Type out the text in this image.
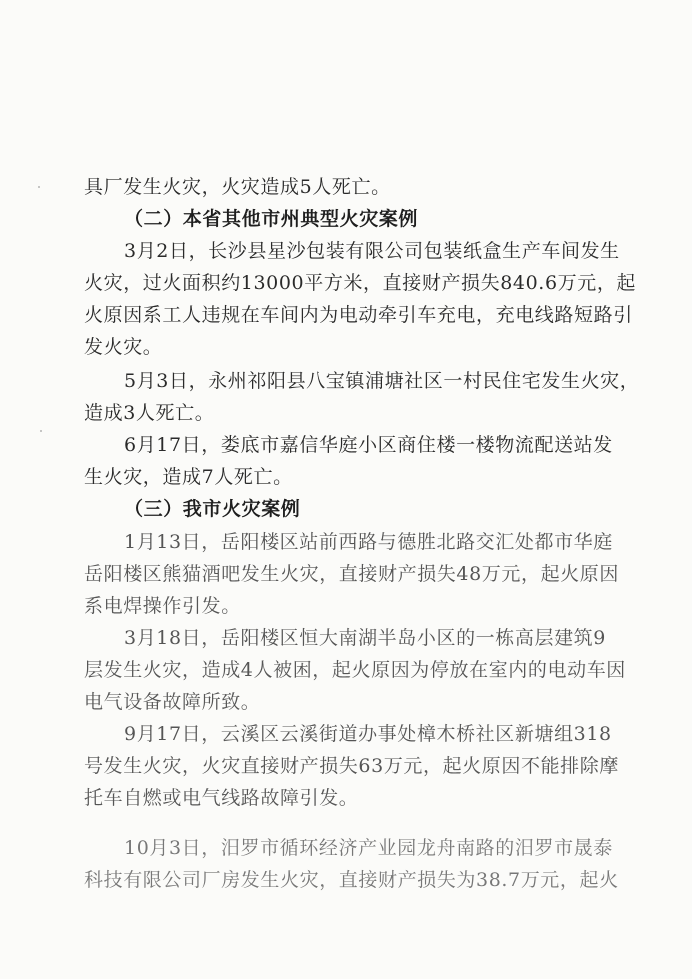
具厂发生火灾，火灾造成5人死亡。
（二）本省其他市州典型火灾案例
3月2日，长沙县星沙包装有限公司包装纸盒生产车间发生
火灾，过火面积约13000平方米，直接财产损失840.6万元，起
火原因系工人违规在车间内为电动牵引车充电，充电线路短路引
发火灾。
5月3日，永州祁阳县八宝镇浦塘社区一村民住宅发生火灾，
造成3人死亡。
6月17日，娄底市嘉信华庭小区商住楼一楼物流配送站发
生火灾，造成7人死亡。
（三）我市火灾案例
1月13日，岳阳楼区站前西路与德胜北路交汇处都市华庭
岳阳楼区熊猫酒吧发生火灾，直接财产损失48万元，起火原因
系电焊操作引发。
3月18日，岳阳楼区恒大南湖半岛小区的一栋高层建筑9
层发生火灾，造成4人被困，起火原因为停放在室内的电动车因
电气设备故障所致。
9月17日，云溪区云溪街道办事处樟木桥社区新塘组318
号发生火灾，火灾直接财产损失63万元，起火原因不能排除摩
托车自燃或电气线路故障引发。
10月3日，汨罗市循环经济产业园龙舟南路的汨罗市晟泰
科技有限公司厂房发生火灾，直接财产损失为38.7万元，起火
